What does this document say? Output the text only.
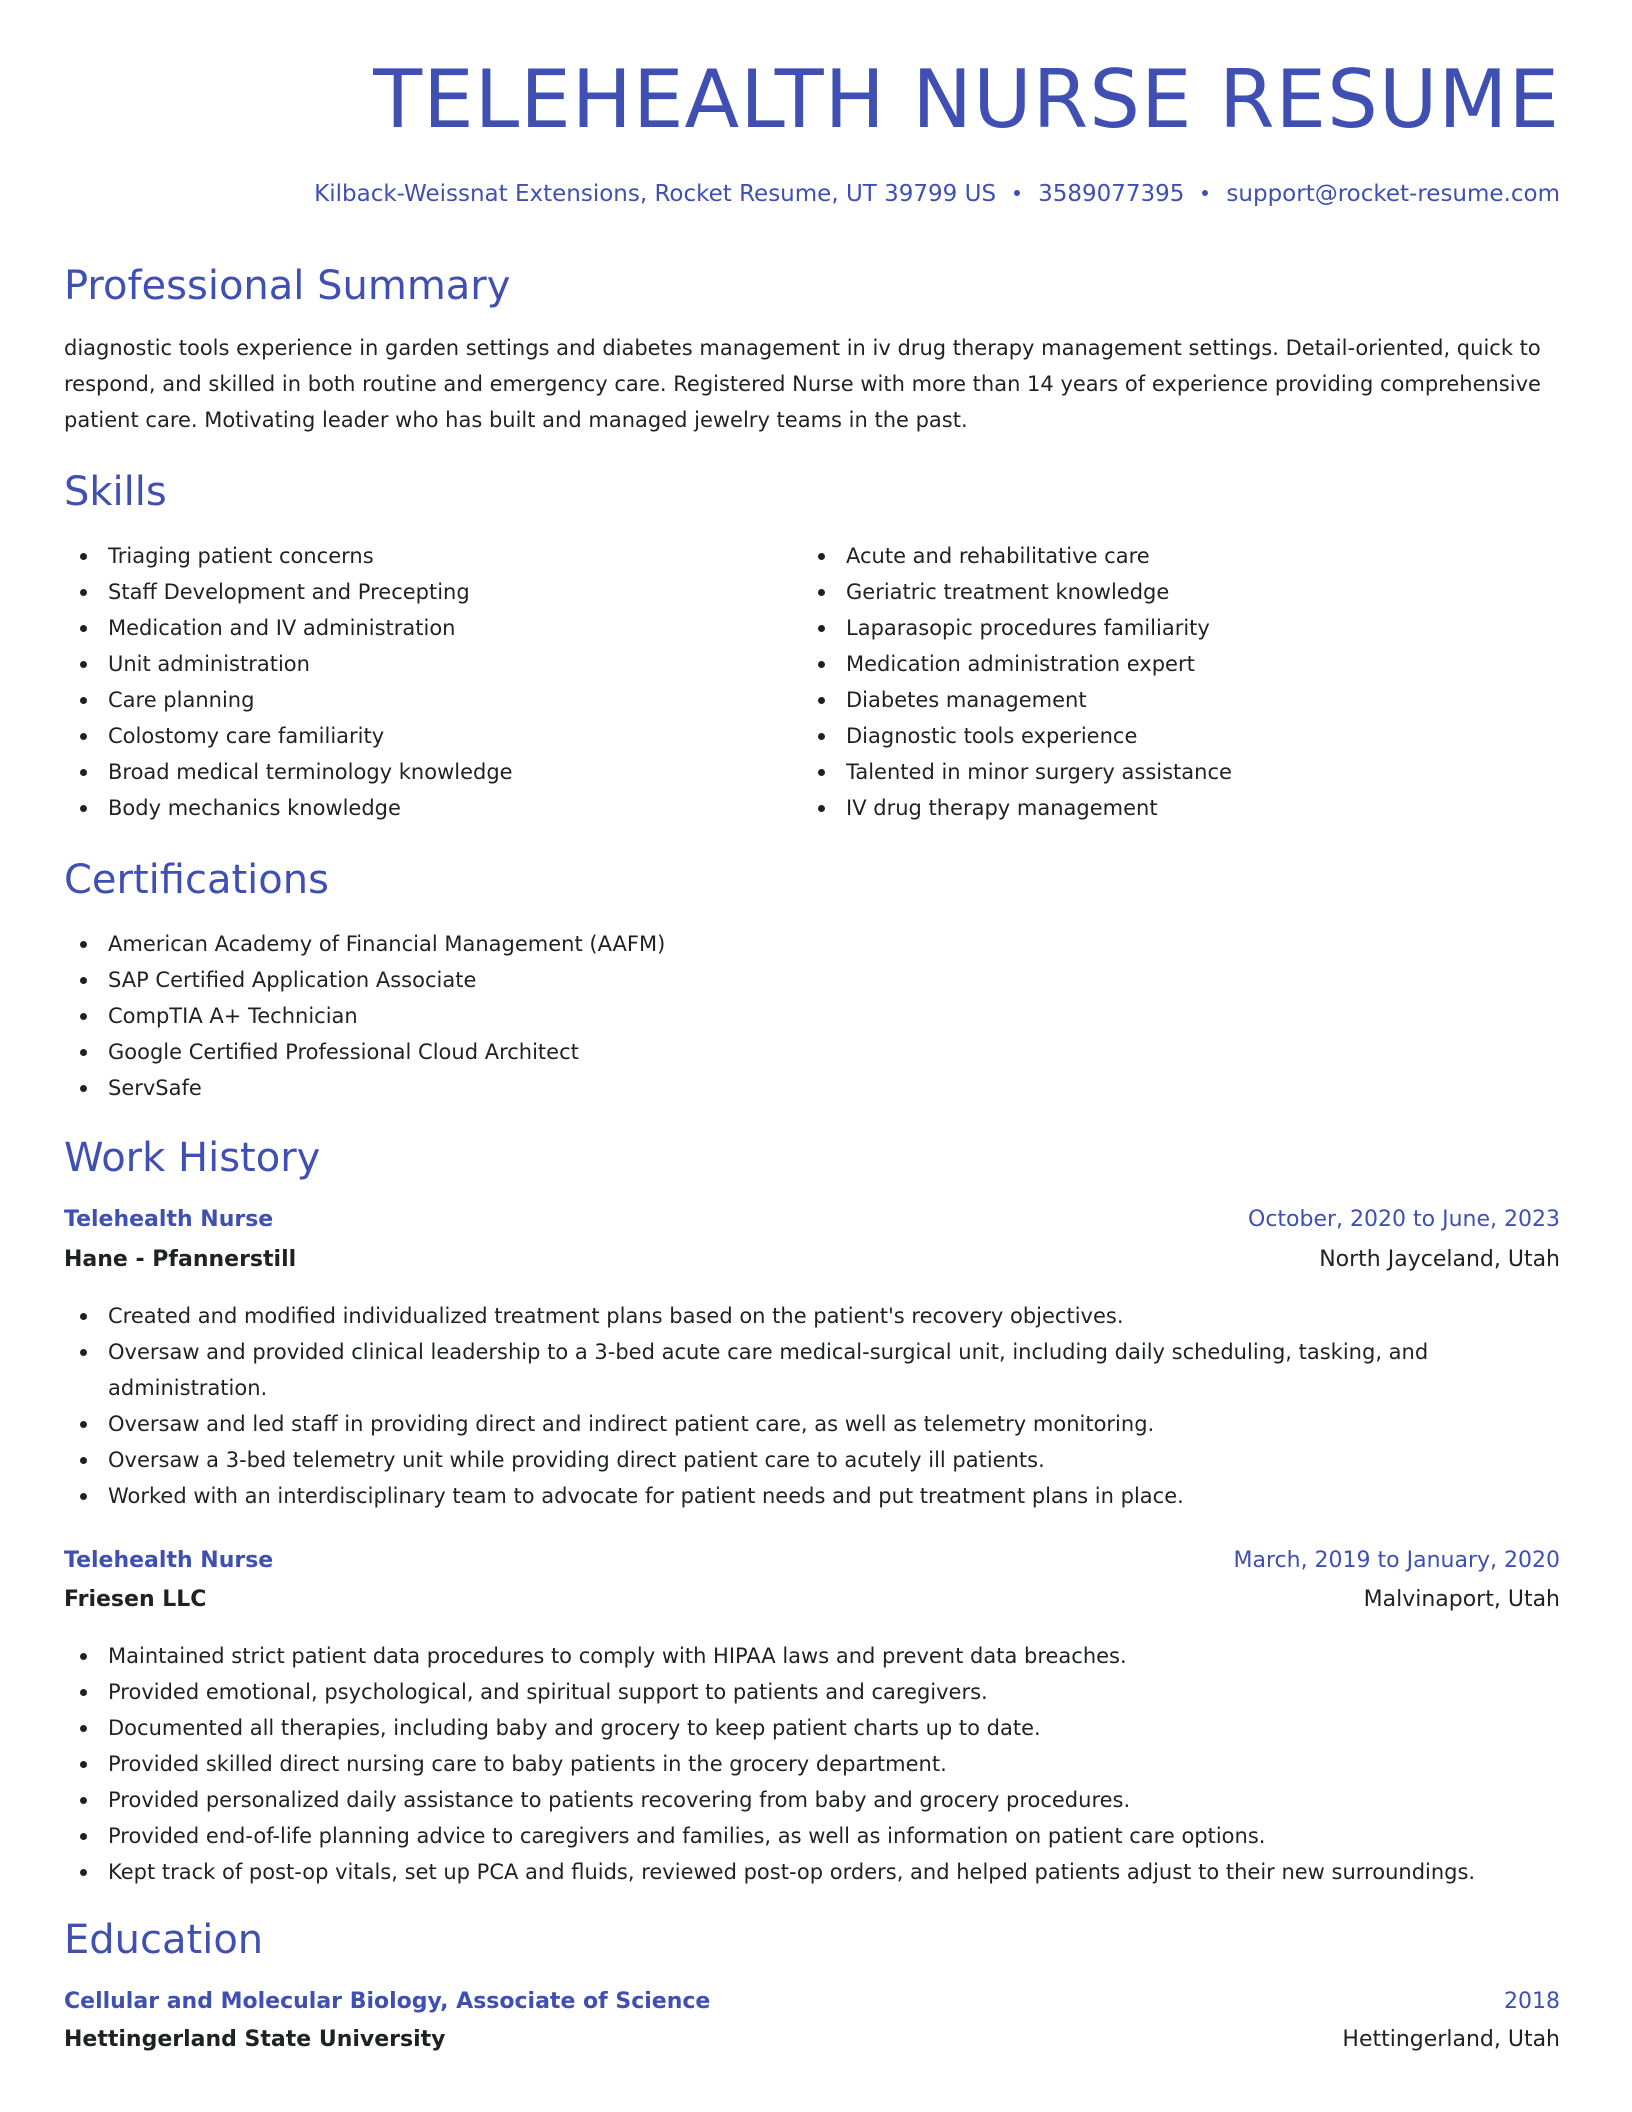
TELEHEALTH NURSE RESUME
Kilback-Weissnat Extensions, Rocket Resume, UT 39799 US 3589077395 support@rocket-resume.com
Professional Summary

diagnostic tools experience in garden settings and diabetes management in iv drug therapy management settings. Detail-oriented, quick to respond, and skilled in both routine and emergency care. Registered Nurse with more than 14 years of experience providing comprehensive patient care. Motivating leader who has built and managed jewelry teams in the past.

Skills
Triaging patient concerns
Staff Development and Precepting
Medication and IV administration
Unit administration
Care planning
Colostomy care familiarity
Broad medical terminology knowledge
Body mechanics knowledge
Acute and rehabilitative care
Geriatric treatment knowledge
Laparasopic procedures familiarity
Medication administration expert
Diabetes management
Diagnostic tools experience
Talented in minor surgery assistance
IV drug therapy management
Certifications
American Academy of Financial Management (AAFM)
SAP Certified Application Associate
CompTIA A+ Technician
Google Certified Professional Cloud Architect
ServSafe
Work History
Telehealth Nurse	October, 2020 to June, 2023
Hane - Pfannerstill	North Jayceland, Utah
Created and modified individualized treatment plans based on the patient's recovery objectives.
Oversaw and provided clinical leadership to a 3-bed acute care medical-surgical unit, including daily scheduling, tasking, and administration.
Oversaw and led staff in providing direct and indirect patient care, as well as telemetry monitoring.
Oversaw a 3-bed telemetry unit while providing direct patient care to acutely ill patients.
Worked with an interdisciplinary team to advocate for patient needs and put treatment plans in place.
Telehealth Nurse	March, 2019 to January, 2020
Friesen LLC	Malvinaport, Utah
Maintained strict patient data procedures to comply with HIPAA laws and prevent data breaches.
Provided emotional, psychological, and spiritual support to patients and caregivers.
Documented all therapies, including baby and grocery to keep patient charts up to date.
Provided skilled direct nursing care to baby patients in the grocery department.
Provided personalized daily assistance to patients recovering from baby and grocery procedures.
Provided end-of-life planning advice to caregivers and families, as well as information on patient care options.
Kept track of post-op vitals, set up PCA and fluids, reviewed post-op orders, and helped patients adjust to their new surroundings.
Education
Cellular and Molecular Biology, Associate of Science	2018
Hettingerland State University	Hettingerland, Utah
